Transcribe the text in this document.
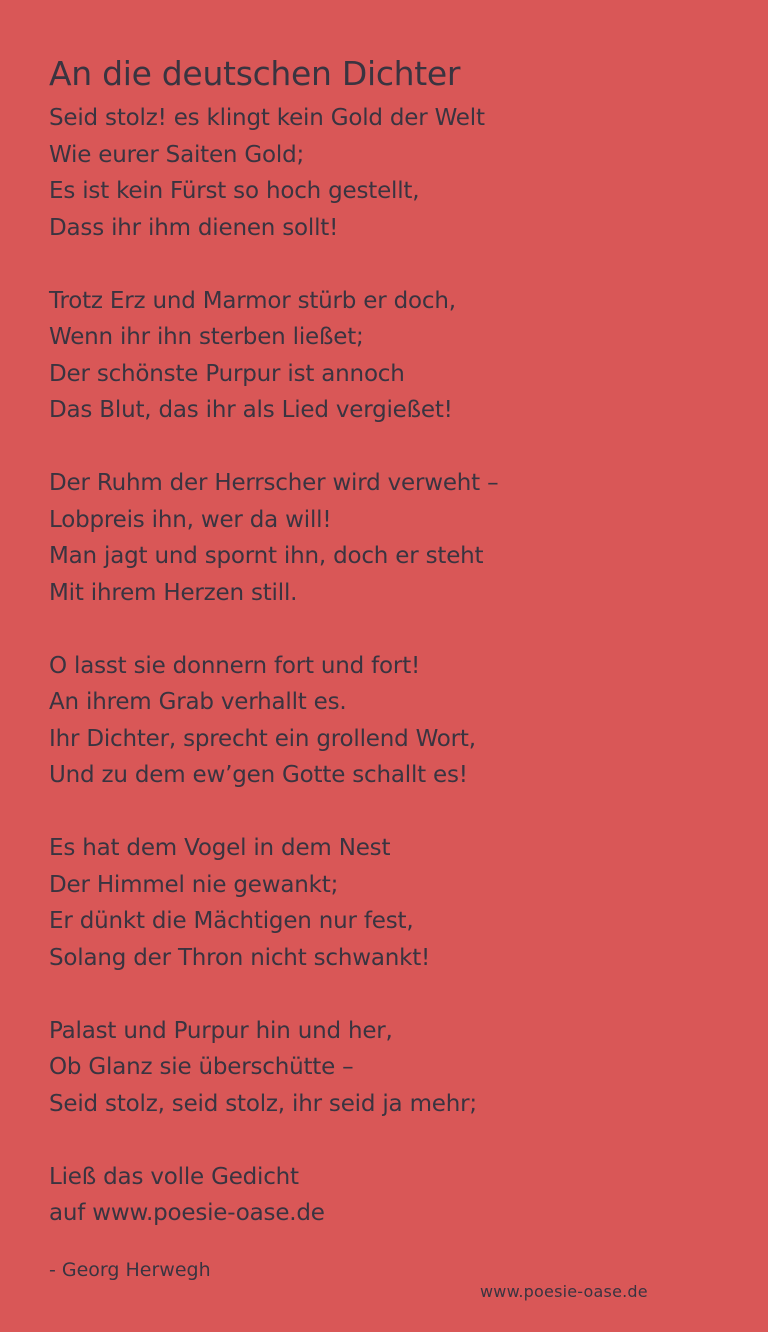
An die deutschen Dichter
Seid stolz! es klingt kein Gold der Welt
Wie eurer Saiten Gold;
Es ist kein Fürst so hoch gestellt,
Dass ihr ihm dienen sollt!
Trotz Erz und Marmor stürb er doch,
Wenn ihr ihn sterben ließet;
Der schönste Purpur ist annoch
Das Blut, das ihr als Lied vergießet!
Der Ruhm der Herrscher wird verweht –
Lobpreis ihn, wer da will!
Man jagt und spornt ihn, doch er steht
Mit ihrem Herzen still.
O lasst sie donnern fort und fort!
An ihrem Grab verhallt es.
Ihr Dichter, sprecht ein grollend Wort,
Und zu dem ew’gen Gotte schallt es!
Es hat dem Vogel in dem Nest
Der Himmel nie gewankt;
Er dünkt die Mächtigen nur fest,
Solang der Thron nicht schwankt!
Palast und Purpur hin und her,
Ob Glanz sie überschütte –
Seid stolz, seid stolz, ihr seid ja mehr;
Ließ das volle Gedicht
auf www.poesie-oase.de
- Georg Herwegh
www.poesie-oase.de
